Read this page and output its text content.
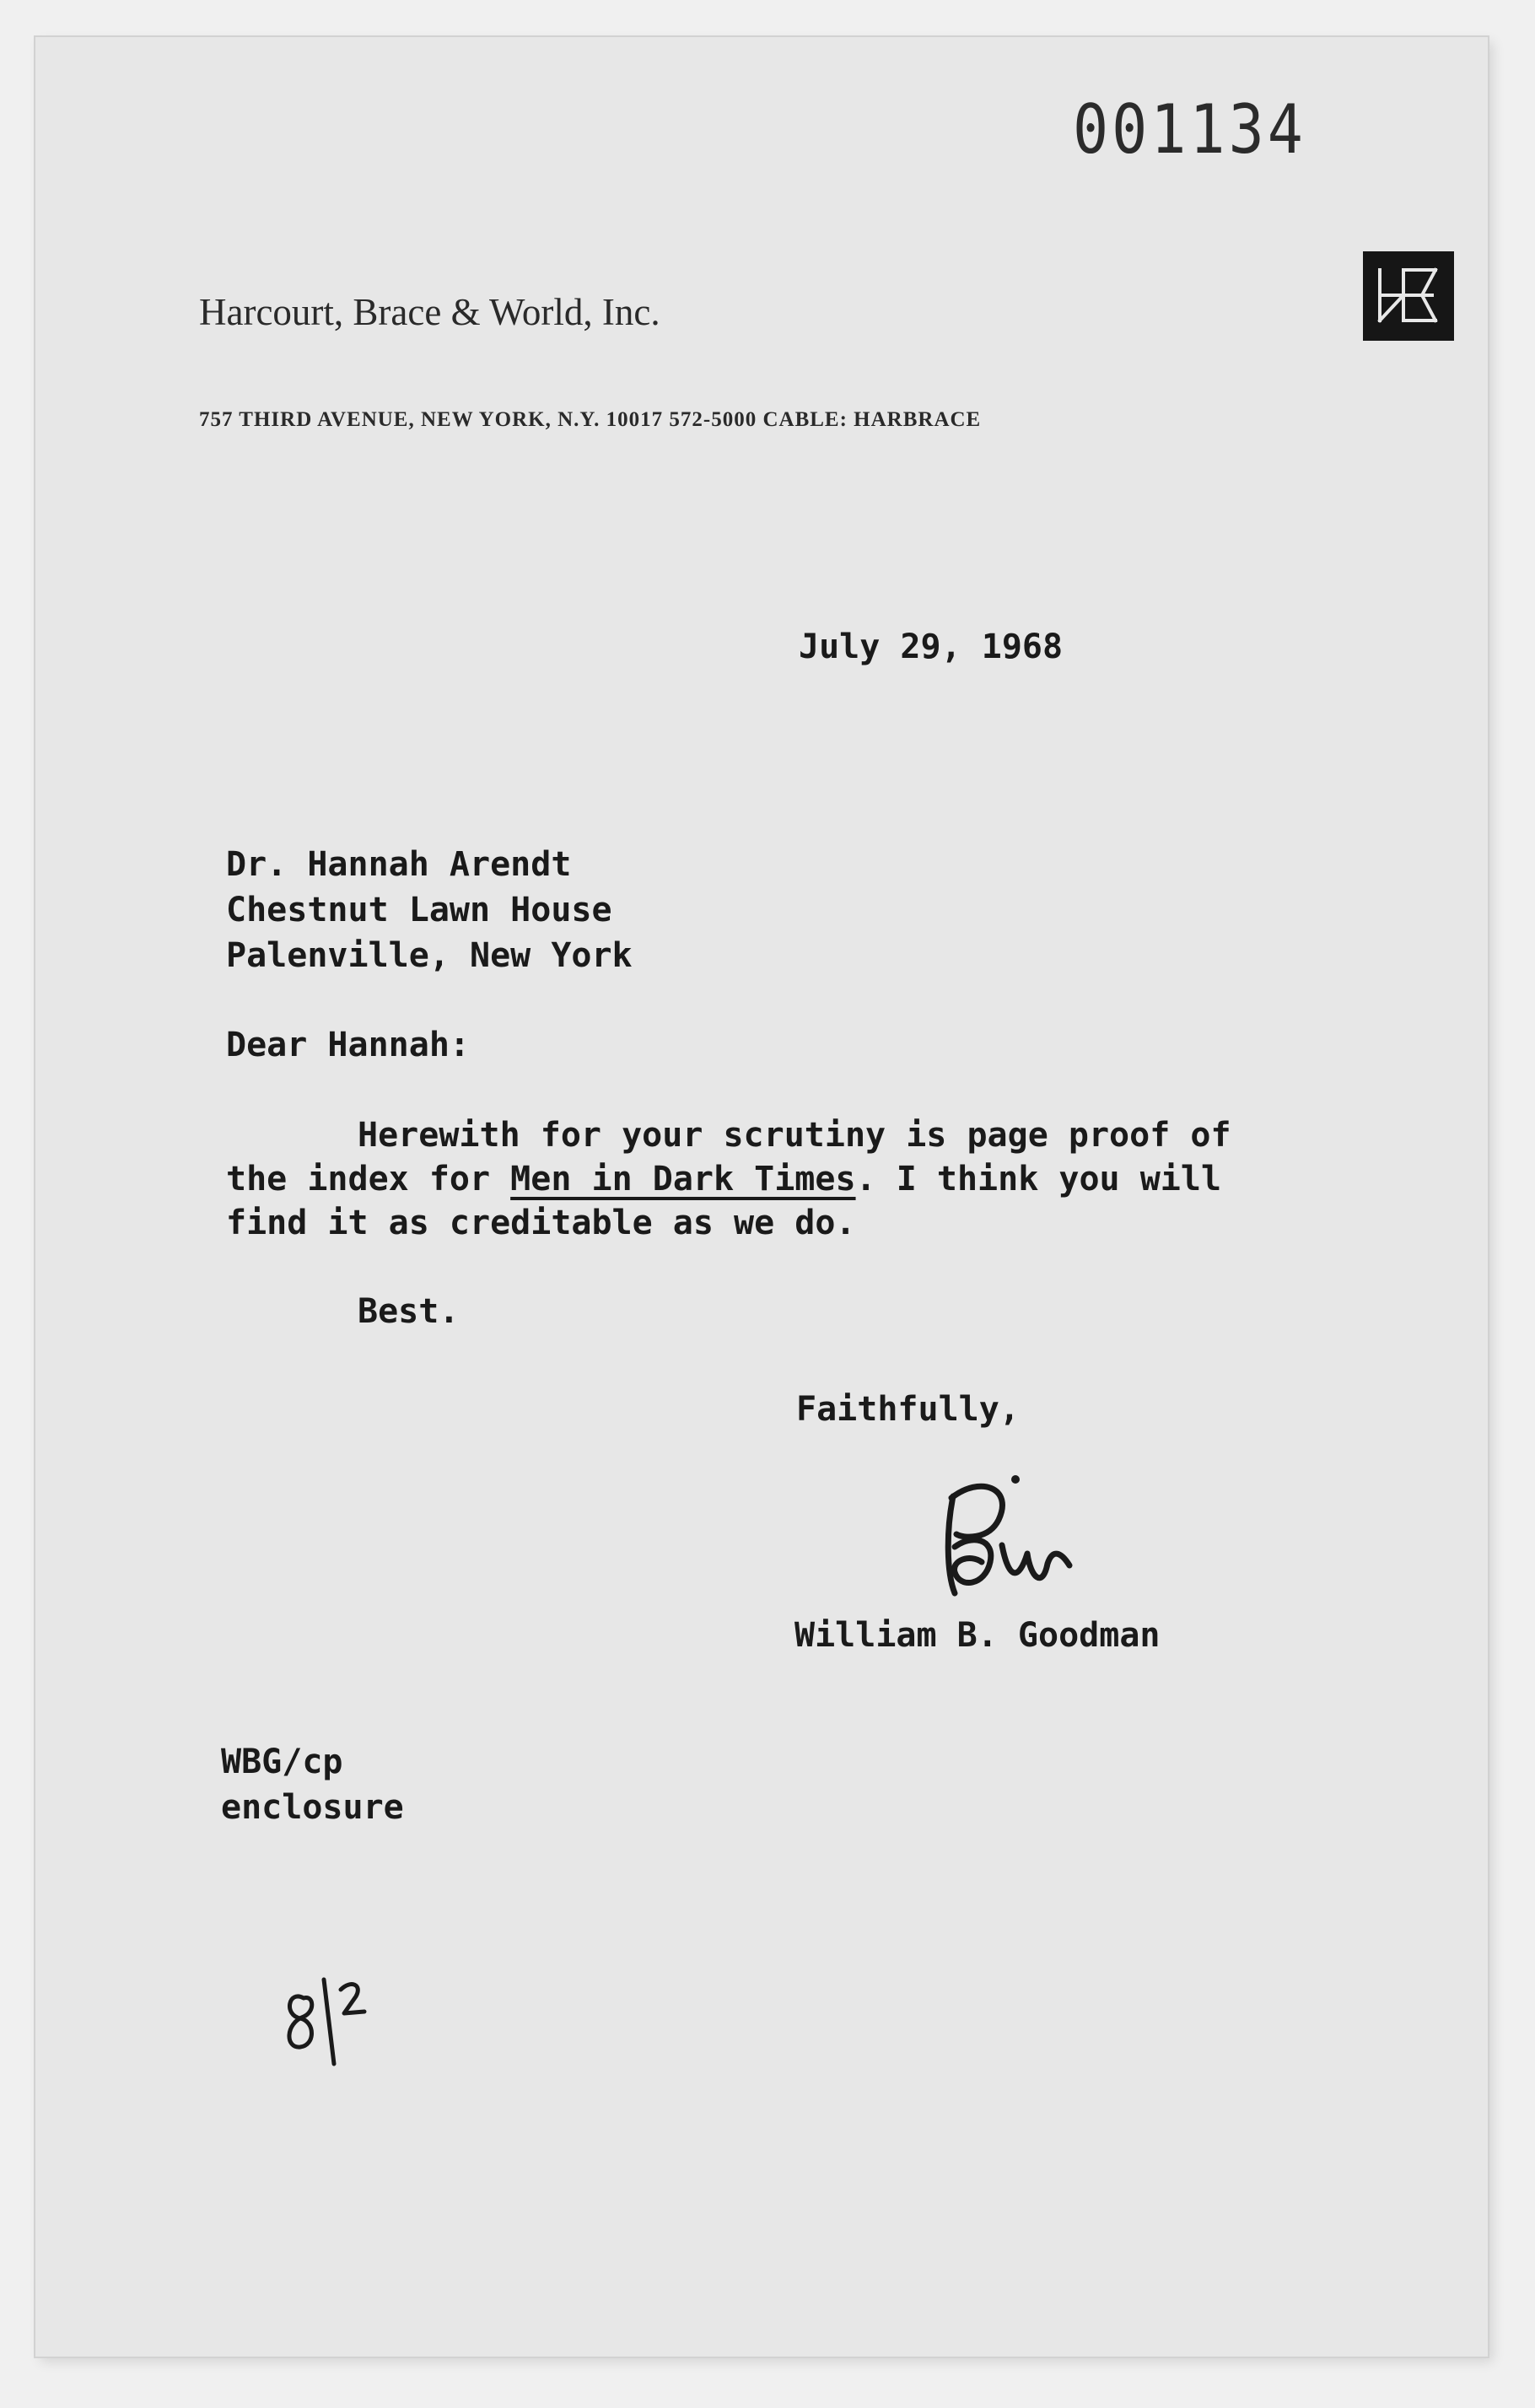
001134
Harcourt, Brace & World, Inc.
757 THIRD AVENUE, NEW YORK, N.Y. 10017 572-5000 CABLE: HARBRACE
July 29, 1968
Dr. Hannah Arendt
Chestnut Lawn House
Palenville, New York
Dear Hannah:
Herewith for your scrutiny is page proof of
the index for Men in Dark Times. I think you will
find it as creditable as we do.
Best.
Faithfully,
William B. Goodman
WBG/cp
enclosure
